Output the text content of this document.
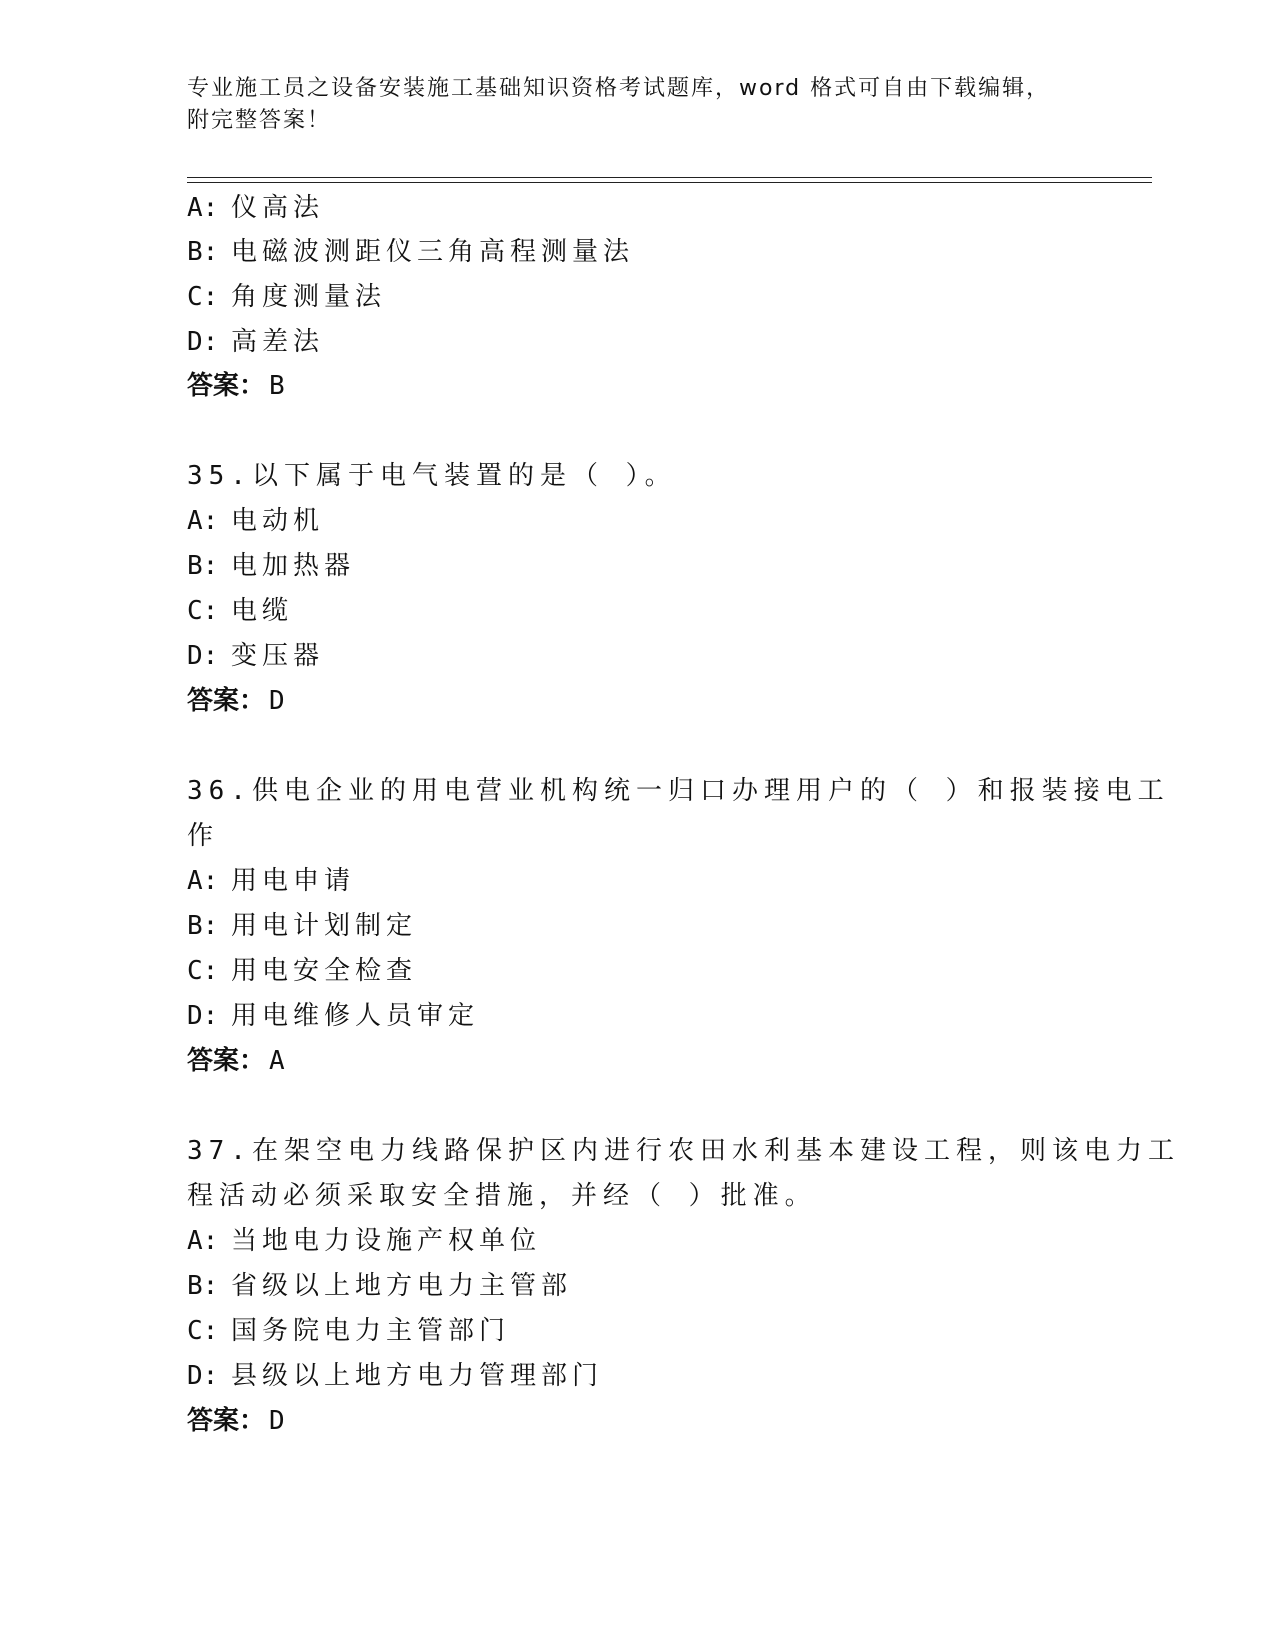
专业施工员之设备安装施工基础知识资格考试题库，word 格式可自由下载编辑，
附完整答案！
A: 仪高法
B: 电磁波测距仪三角高程测量法
C: 角度测量法
D: 高差法
答案： B
35.以下属于电气装置的是（ ）。
A: 电动机
B: 电加热器
C: 电缆
D: 变压器
答案： D
36.供电企业的用电营业机构统一归口办理用户的（ ）和报装接电工
作
A: 用电申请
B: 用电计划制定
C: 用电安全检查
D: 用电维修人员审定
答案： A
37.在架空电力线路保护区内进行农田水利基本建设工程，则该电力工
程活动必须采取安全措施，并经（ ）批准。
A: 当地电力设施产权单位
B: 省级以上地方电力主管部
C: 国务院电力主管部门
D: 县级以上地方电力管理部门
答案： D
